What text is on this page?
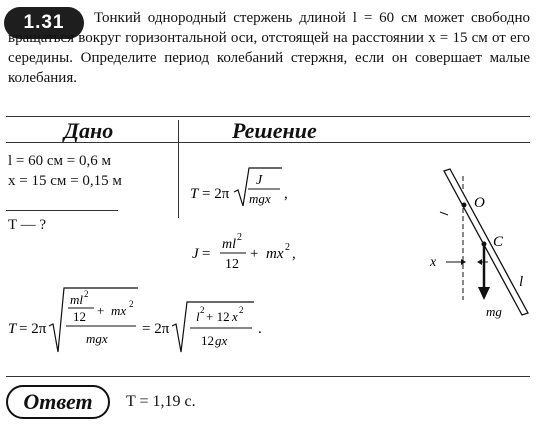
1.31	Тонкий однородный стержень длиной l = 60 см может свободно вращаться вокруг горизонтальной оси, отстоящей на расстоянии x = 15 см от его середины. Определите период колебаний стержня, если он совершает малые колебания.
Дано	Решение
l = 60 см = 0,6 м
x = 15 см = 0,15 м
T — ?
T = 2π
J
mgx ,
J =
ml 2
12
+ mx 2 ,
T = 2π
ml 2
12 + mx 2
mgx
= 2π
l 2 + 12 x 2
12 gx
.
O
C
x
l
mg
Ответ	T = 1,19 с.
